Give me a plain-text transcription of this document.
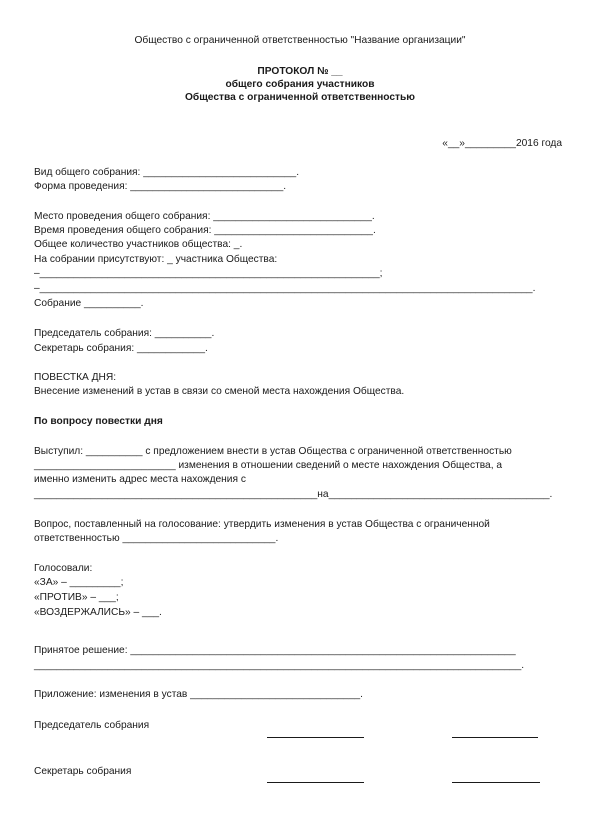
Общество с ограниченной ответственностью "Название организации"
ПРОТОКОЛ № __
общего собрания участников
Общества с ограниченной ответственностью
«__»_________2016 года
Вид общего собрания: ___________________________.
Форма проведения: ___________________________.
Место проведения общего собрания: ____________________________.
Время проведения общего собрания: ____________________________.
Общее количество участников общества: _.
На собрании присутствуют: _ участника Общества:
–____________________________________________________________;
–_______________________________________________________________________________________.
Собрание __________.
Председатель собрания: __________.
Секретарь собрания: ____________.
ПОВЕСТКА ДНЯ:
Внесение изменений в устав в связи со сменой места нахождения Общества.
По вопросу повестки дня
Выступил: __________ с предложением внести в устав Общества с ограниченной ответственностью
_________________________ изменения в отношении сведений о месте нахождения Общества, а
именно изменить адрес места нахождения с
__________________________________________________на_______________________________________.
Вопрос, поставленный на голосование: утвердить изменения в устав Общества с ограниченной
ответственностью ___________________________.
Голосовали:
«ЗА» – _________;
«ПРОТИВ» – ___;
«ВОЗДЕРЖАЛИСЬ» – ___.
Принятое решение: ____________________________________________________________________
______________________________________________________________________________________.
Приложение: изменения в устав ______________________________.
Председатель собрания
Секретарь собрания
